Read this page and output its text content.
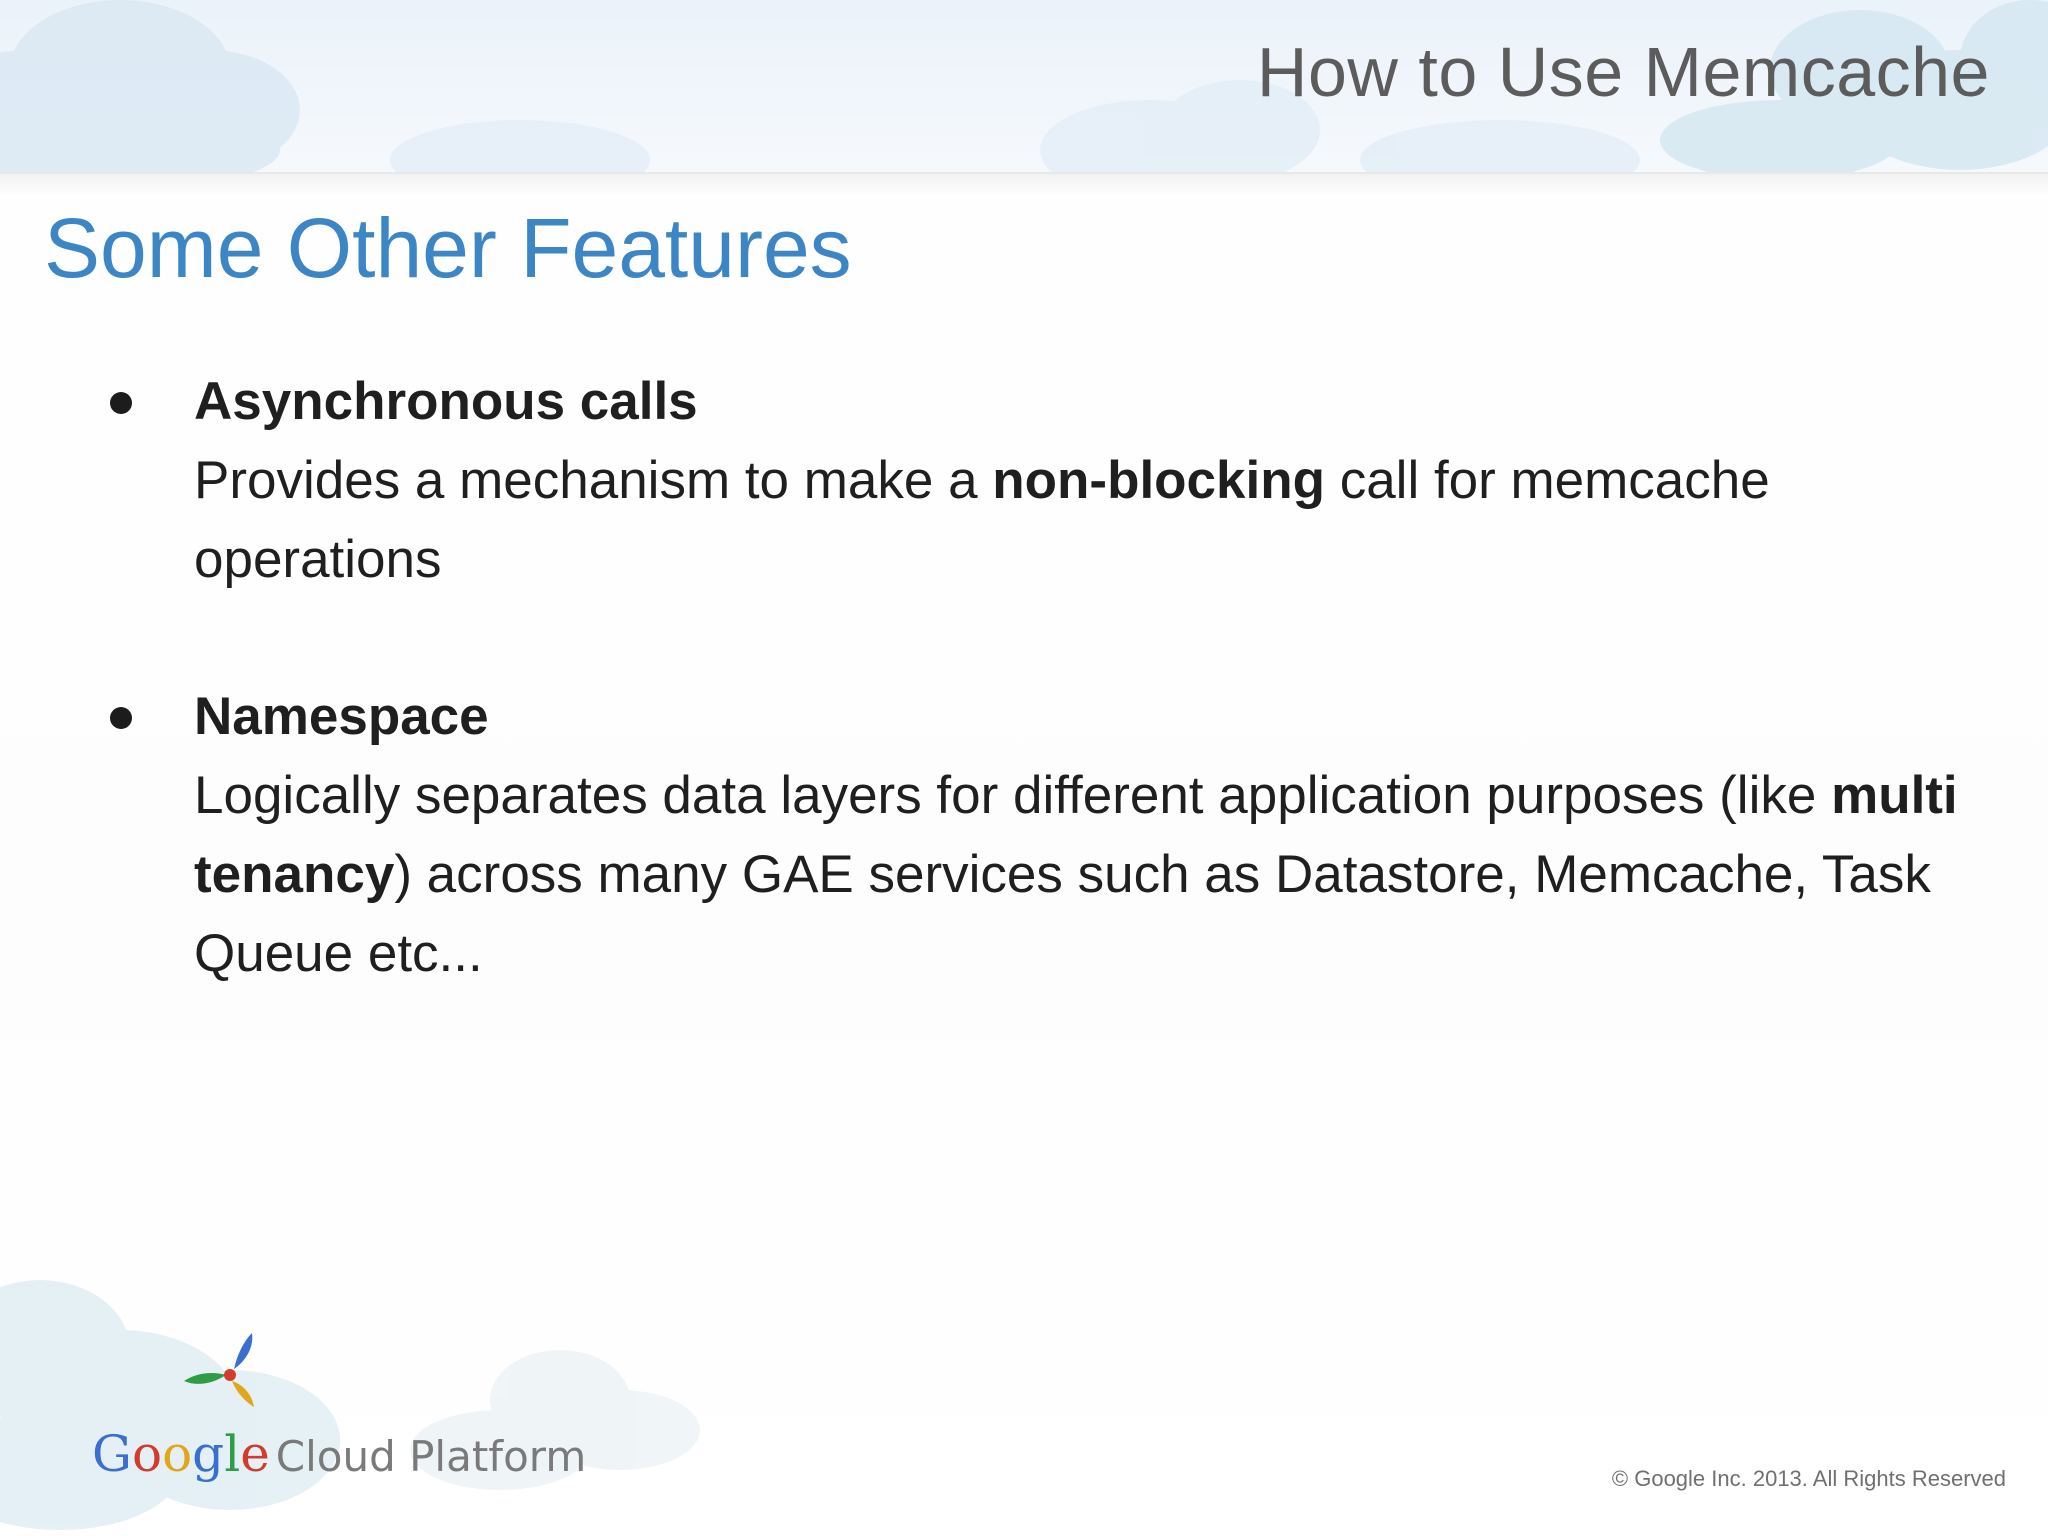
How to Use Memcache
Some Other Features
Asynchronous calls
Provides a mechanism to make a non-blocking call for memcache operations
Namespace
Logically separates data layers for different application purposes (like multi tenancy) across many GAE services such as Datastore, Memcache, Task Queue etc...
Google Cloud Platform	© Google Inc. 2013. All Rights Reserved
